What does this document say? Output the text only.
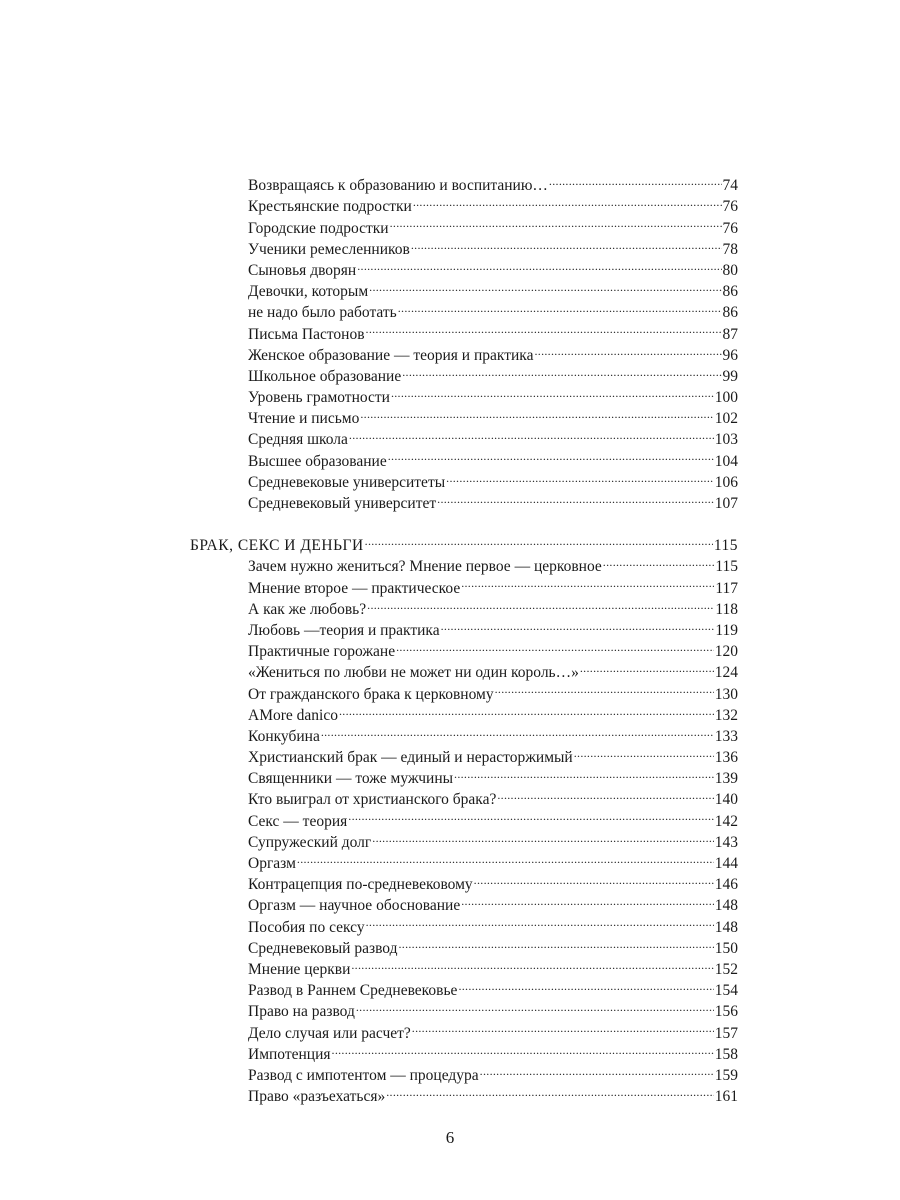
Возвращаясь к образованию и воспитанию… .....	74
Крестьянские подростки .....	76
Городские подростки .....	76
Ученики ремесленников .....	78
Сыновья дворян .....	80
Девочки, которым .....	86
не надо было работать .....	86
Письма Пастонов .....	87
Женское образование — теория и практика .....	96
Школьное образование .....	99
Уровень грамотности .....	100
Чтение и письмо .....	102
Средняя школа .....	103
Высшее образование .....	104
Средневековые университеты .....	106
Средневековый университет .....	107
БРАК, СЕКС И ДЕНЬГИ .....	115
Зачем нужно жениться? Мнение первое — церковное .....	115
Мнение второе — практическое .....	117
А как же любовь? .....	118
Любовь —теория и практика .....	119
Практичные горожане .....	120
«Жениться по любви не может ни один король…» .....	124
От гражданского брака к церковному .....	130
AMore danico .....	132
Конкубина .....	133
Христианский брак — единый и нерасторжимый .....	136
Священники — тоже мужчины .....	139
Кто выиграл от христианского брака? .....	140
Секс — теория .....	142
Супружеский долг .....	143
Оргазм .....	144
Контрацепция по-средневековому .....	146
Оргазм — научное обоснование .....	148
Пособия по сексу .....	148
Средневековый развод .....	150
Мнение церкви .....	152
Развод в Раннем Средневековье .....	154
Право на развод .....	156
Дело случая или расчет? .....	157
Импотенция .....	158
Развод с импотентом — процедура .....	159
Право «разъехаться» .....	161
6
